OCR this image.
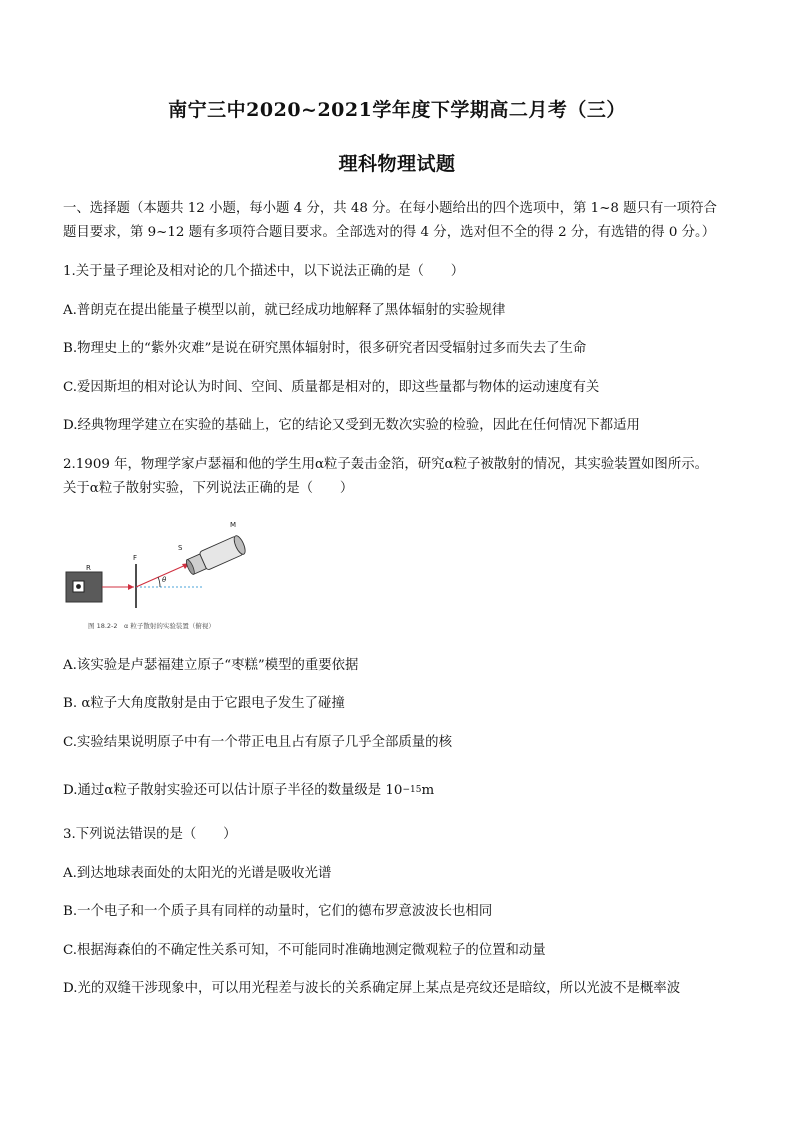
南宁三中2020~2021学年度下学期高二月考（三）
理科物理试题
一、选择题（本题共 12 小题，每小题 4 分，共 48 分。在每小题给出的四个选项中，第 1~8 题只有一项符合
题目要求，第 9~12 题有多项符合题目要求。全部选对的得 4 分，选对但不全的得 2 分，有选错的得 0 分。）
1.关于量子理论及相对论的几个描述中，以下说法正确的是（　　）
A.普朗克在提出能量子模型以前，就已经成功地解释了黑体辐射的实验规律
B.物理史上的“紫外灾难”是说在研究黑体辐射时，很多研究者因受辐射过多而失去了生命
C.爱因斯坦的相对论认为时间、空间、质量都是相对的，即这些量都与物体的运动速度有关
D.经典物理学建立在实验的基础上，它的结论又受到无数次实验的检验，因此在任何情况下都适用
2.1909 年，物理学家卢瑟福和他的学生用α粒子轰击金箔，研究α粒子被散射的情况，其实验装置如图所示。
关于α粒子散射实验，下列说法正确的是（　　）
R
F
θ
S
M
图 18.2-2　α 粒子散射的实验装置（俯视）
A.该实验是卢瑟福建立原子“枣糕”模型的重要依据
B. α粒子大角度散射是由于它跟电子发生了碰撞
C.实验结果说明原子中有一个带正电且占有原子几乎全部质量的核
D.通过α粒子散射实验还可以估计原子半径的数量级是 $10^{-15}m$
3.下列说法错误的是（　　）
A.到达地球表面处的太阳光的光谱是吸收光谱
B.一个电子和一个质子具有同样的动量时，它们的德布罗意波波长也相同
C.根据海森伯的不确定性关系可知，不可能同时准确地测定微观粒子的位置和动量
D.光的双缝干涉现象中，可以用光程差与波长的关系确定屏上某点是亮纹还是暗纹，所以光波不是概率波
